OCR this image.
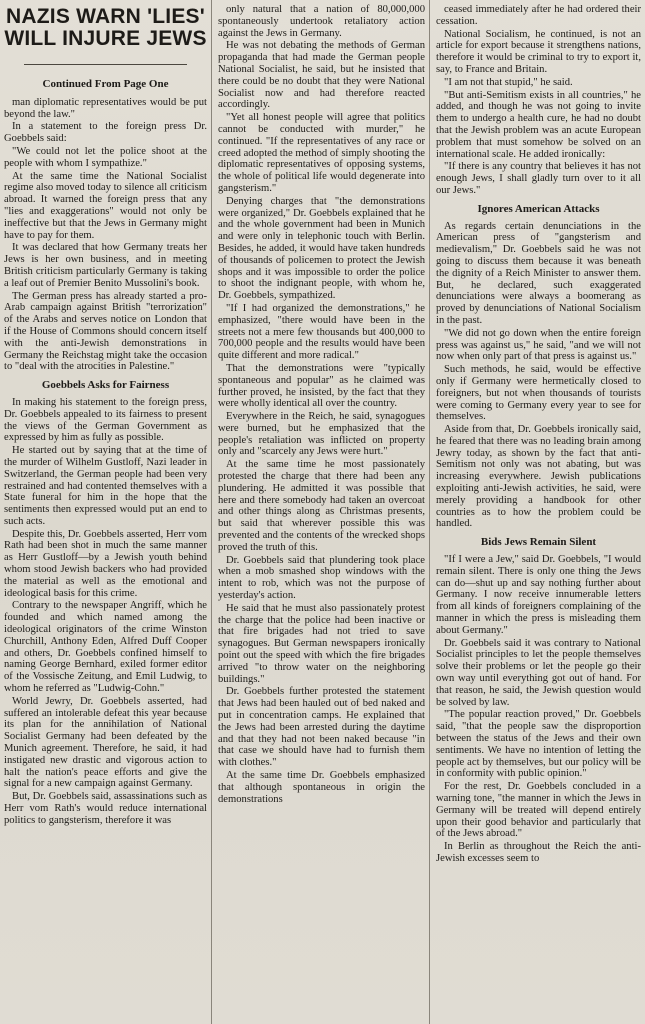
NAZIS WARN 'LIES'
WILL INJURE JEWS
Continued From Page One

man diplomatic representatives would be put beyond the law."

In a statement to the foreign press Dr. Goebbels said:

"We could not let the police shoot at the people with whom I sympathize."

At the same time the National Socialist regime also moved today to silence all criticism abroad. It warned the foreign press that any "lies and exaggerations" would not only be ineffective but that the Jews in Germany might have to pay for them.

It was declared that how Germany treats her Jews is her own business, and in meeting British criticism particularly Germany is taking a leaf out of Premier Benito Mussolini's book.

The German press has already started a pro-Arab campaign against British "terrorization" of the Arabs and serves notice on London that if the House of Commons should concern itself with the anti-Jewish demonstrations in Germany the Reichstag might take the occasion to "deal with the atrocities in Palestine."

Goebbels Asks for Fairness

In making his statement to the foreign press, Dr. Goebbels appealed to its fairness to present the views of the German Government as expressed by him as fully as possible.

He started out by saying that at the time of the murder of Wilhelm Gustloff, Nazi leader in Switzerland, the German people had been very restrained and had contented themselves with a State funeral for him in the hope that the sentiments then expressed would put an end to such acts.

Despite this, Dr. Goebbels asserted, Herr vom Rath had been shot in much the same manner as Herr Gustloff—by a Jewish youth behind whom stood Jewish backers who had provided the material as well as the emotional and ideological basis for this crime.

Contrary to the newspaper Angriff, which he founded and which named among the ideological originators of the crime Winston Churchill, Anthony Eden, Alfred Duff Cooper and others, Dr. Goebbels confined himself to naming George Bernhard, exiled former editor of the Vossische Zeitung, and Emil Ludwig, to whom he referred as "Ludwig-Cohn."

World Jewry, Dr. Goebbels asserted, had suffered an intolerable defeat this year because its plan for the annihilation of National Socialist Germany had been defeated by the Munich agreement. Therefore, he said, it had instigated new drastic and vigorous action to halt the nation's peace efforts and give the signal for a new campaign against Germany.

But, Dr. Goebbels said, assassinations such as Herr vom Rath's would reduce international politics to gangsterism, therefore it was

only natural that a nation of 80,000,000 spontaneously undertook retaliatory action against the Jews in Germany.

He was not debating the methods of German propaganda that had made the German people National Socialist, he said, but he insisted that there could be no doubt that they were National Socialist now and had therefore reacted accordingly.

"Yet all honest people will agree that politics cannot be conducted with murder," he continued. "If the representatives of any race or creed adopted the method of simply shooting the diplomatic representatives of opposing systems, the whole of political life would degenerate into gangsterism."

Denying charges that "the demonstrations were organized," Dr. Goebbels explained that he and the whole government had been in Munich and were only in telephonic touch with Berlin. Besides, he added, it would have taken hundreds of thousands of policemen to protect the Jewish shops and it was impossible to order the police to shoot the indignant people, with whom he, Dr. Goebbels, sympathized.

"If I had organized the demonstrations," he emphasized, "there would have been in the streets not a mere few thousands but 400,000 to 700,000 people and the results would have been quite different and more radical."

That the demonstrations were "typically spontaneous and popular" as he claimed was further proved, he insisted, by the fact that they were wholly identical all over the country.

Everywhere in the Reich, he said, synagogues were burned, but he emphasized that the people's retaliation was inflicted on property only and "scarcely any Jews were hurt."

At the same time he most passionately protested the charge that there had been any plundering. He admitted it was possible that here and there somebody had taken an overcoat and other things along as Christmas presents, but said that wherever possible this was prevented and the contents of the wrecked shops proved the truth of this.

Dr. Goebbels said that plundering took place when a mob smashed shop windows with the intent to rob, which was not the purpose of yesterday's action.

He said that he must also passionately protest the charge that the police had been inactive or that fire brigades had not tried to save synagogues. But German newspapers ironically point out the speed with which the fire brigades arrived "to throw water on the neighboring buildings."

Dr. Goebbels further protested the statement that Jews had been hauled out of bed naked and put in concentration camps. He explained that the Jews had been arrested during the daytime and that they had not been naked because "in that case we should have had to furnish them with clothes."

At the same time Dr. Goebbels emphasized that although spontaneous in origin the demonstrations

ceased immediately after he had ordered their cessation.

National Socialism, he continued, is not an article for export because it strengthens nations, therefore it would be criminal to try to export it, say, to France and Britain.

"I am not that stupid," he said.

"But anti-Semitism exists in all countries," he added, and though he was not going to invite them to undergo a health cure, he had no doubt that the Jewish problem was an acute European problem that must somehow be solved on an international scale. He added ironically:

"If there is any country that believes it has not enough Jews, I shall gladly turn over to it all our Jews."

Ignores American Attacks

As regards certain denunciations in the American press of "gangsterism and medievalism," Dr. Goebbels said he was not going to discuss them because it was beneath the dignity of a Reich Minister to answer them. But, he declared, such exaggerated denunciations were always a boomerang as proved by denunciations of National Socialism in the past.

"We did not go down when the entire foreign press was against us," he said, "and we will not now when only part of that press is against us."

Such methods, he said, would be effective only if Germany were hermetically closed to foreigners, but not when thousands of tourists were coming to Germany every year to see for themselves.

Aside from that, Dr. Goebbels ironically said, he feared that there was no leading brain among Jewry today, as shown by the fact that anti-Semitism not only was not abating, but was increasing everywhere. Jewish publications exploiting anti-Jewish activities, he said, were merely providing a handbook for other countries as to how the problem could be handled.

Bids Jews Remain Silent

"If I were a Jew," said Dr. Goebbels, "I would remain silent. There is only one thing the Jews can do—shut up and say nothing further about Germany. I now receive innumerable letters from all kinds of foreigners complaining of the manner in which the press is misleading them about Germany."

Dr. Goebbels said it was contrary to National Socialist principles to let the people themselves solve their problems or let the people go their own way until everything got out of hand. For that reason, he said, the Jewish question would be solved by law.

"The popular reaction proved," Dr. Goebbels said, "that the people saw the disproportion between the status of the Jews and their own sentiments. We have no intention of letting the people act by themselves, but our policy will be in conformity with public opinion."

For the rest, Dr. Goebbels concluded in a warning tone, "the manner in which the Jews in Germany will be treated will depend entirely upon their good behavior and particularly that of the Jews abroad."

In Berlin as throughout the Reich the anti-Jewish excesses seem to
